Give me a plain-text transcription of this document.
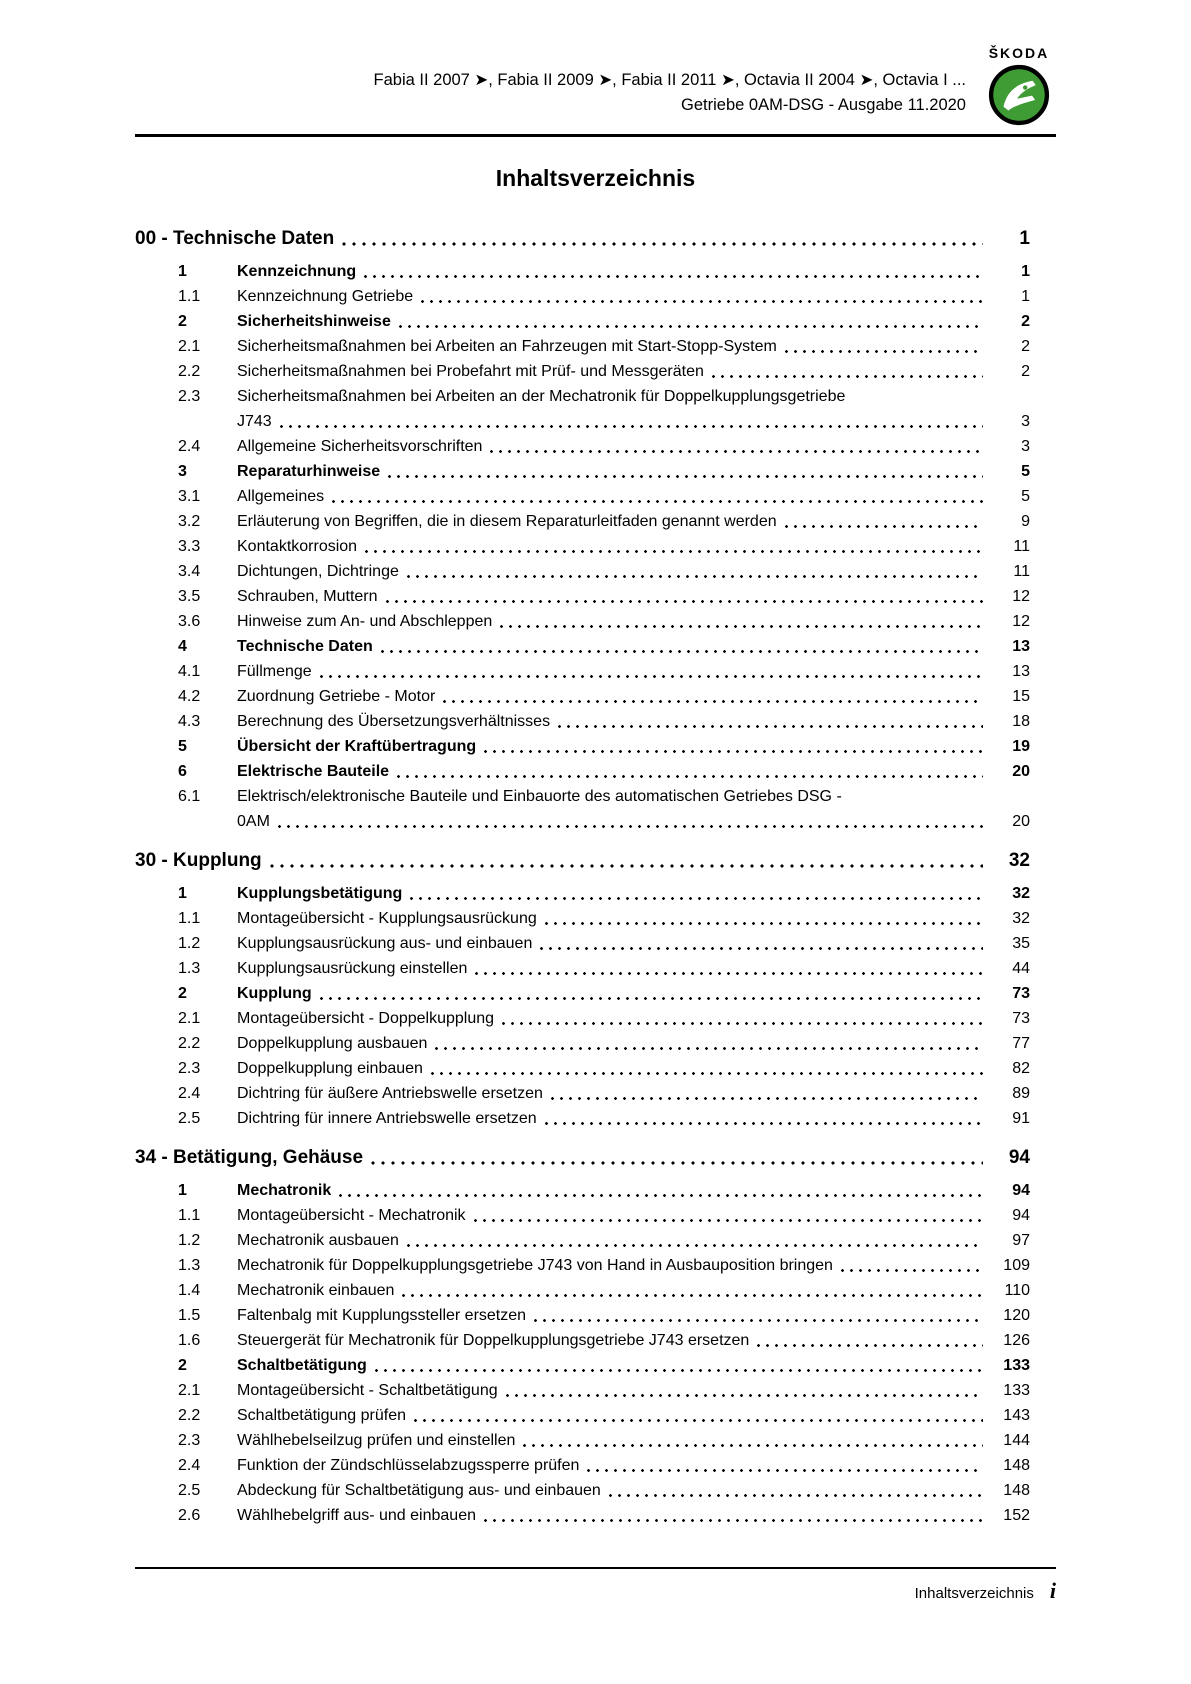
Fabia II 2007 ➤, Fabia II 2009 ➤, Fabia II 2011 ➤, Octavia II 2004 ➤, Octavia I ...
Getriebe 0AM-DSG - Ausgabe 11.2020
ŠKODA
Inhaltsverzeichnis
00 - Technische Daten	1
1	Kennzeichnung	1
1.1	Kennzeichnung Getriebe	1
2	Sicherheitshinweise	2
2.1	Sicherheitsmaßnahmen bei Arbeiten an Fahrzeugen mit Start-Stopp-System	2
2.2	Sicherheitsmaßnahmen bei Probefahrt mit Prüf- und Messgeräten	2
2.3	Sicherheitsmaßnahmen bei Arbeiten an der Mechatronik für Doppelkupplungsgetriebe
J743	3
2.4	Allgemeine Sicherheitsvorschriften	3
3	Reparaturhinweise	5
3.1	Allgemeines	5
3.2	Erläuterung von Begriffen, die in diesem Reparaturleitfaden genannt werden	9
3.3	Kontaktkorrosion	11
3.4	Dichtungen, Dichtringe	11
3.5	Schrauben, Muttern	12
3.6	Hinweise zum An- und Abschleppen	12
4	Technische Daten	13
4.1	Füllmenge	13
4.2	Zuordnung Getriebe - Motor	15
4.3	Berechnung des Übersetzungsverhältnisses	18
5	Übersicht der Kraftübertragung	19
6	Elektrische Bauteile	20
6.1	Elektrisch/elektronische Bauteile und Einbauorte des automatischen Getriebes DSG -
0AM	20
30 - Kupplung	32
1	Kupplungsbetätigung	32
1.1	Montageübersicht - Kupplungsausrückung	32
1.2	Kupplungsausrückung aus- und einbauen	35
1.3	Kupplungsausrückung einstellen	44
2	Kupplung	73
2.1	Montageübersicht - Doppelkupplung	73
2.2	Doppelkupplung ausbauen	77
2.3	Doppelkupplung einbauen	82
2.4	Dichtring für äußere Antriebswelle ersetzen	89
2.5	Dichtring für innere Antriebswelle ersetzen	91
34 - Betätigung, Gehäuse	94
1	Mechatronik	94
1.1	Montageübersicht - Mechatronik	94
1.2	Mechatronik ausbauen	97
1.3	Mechatronik für Doppelkupplungsgetriebe J743 von Hand in Ausbauposition bringen	109
1.4	Mechatronik einbauen	110
1.5	Faltenbalg mit Kupplungssteller ersetzen	120
1.6	Steuergerät für Mechatronik für Doppelkupplungsgetriebe J743 ersetzen	126
2	Schaltbetätigung	133
2.1	Montageübersicht - Schaltbetätigung	133
2.2	Schaltbetätigung prüfen	143
2.3	Wählhebelseilzug prüfen und einstellen	144
2.4	Funktion der Zündschlüsselabzugssperre prüfen	148
2.5	Abdeckung für Schaltbetätigung aus- und einbauen	148
2.6	Wählhebelgriff aus- und einbauen	152
Inhaltsverzeichnis i
